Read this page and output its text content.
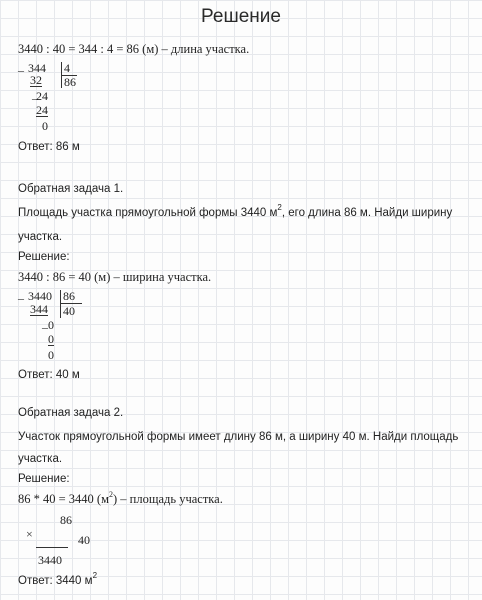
Решение
3440 : 40 = 344 : 4 = 86 (м) – длина участка.
– 344 4
32 86
–
24
24
0
Ответ: 86 м
Обратная задача 1.
Площадь участка прямоугольной формы 3440 $м^2$, его длина 86 м. Найди ширину
участка.
Решение:
3440 : 86 = 40 (м) – ширина участка.
– 3440 86
344 40
– 0
0
0
Ответ: 40 м
Обратная задача 2.
Участок прямоугольной формы имеет длину 86 м, а ширину 40 м. Найди площадь
участка.
Решение:
86 * 40 = 3440 $(м^2)$ – площадь участка.
86
×	40
3440
Ответ: 3440 $м^2$
